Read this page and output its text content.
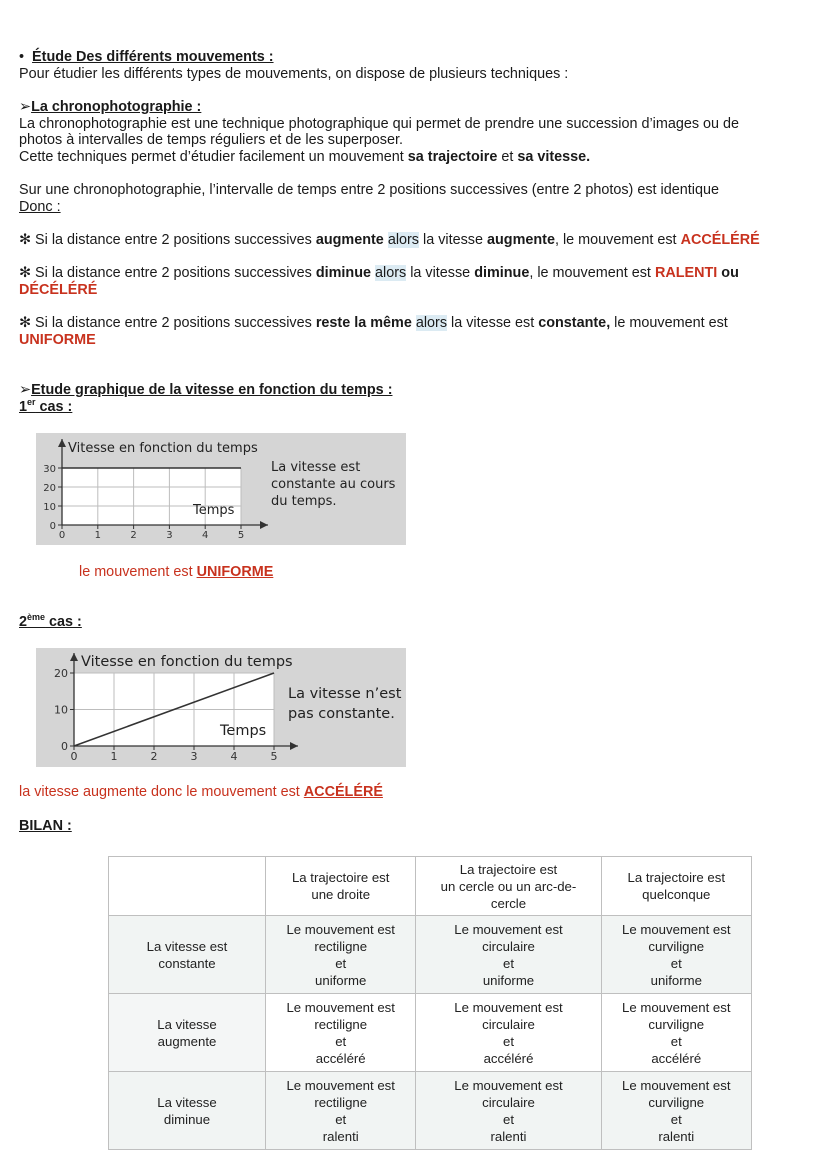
• Étude Des différents mouvements :
Pour étudier les différents types de mouvements, on dispose de plusieurs techniques :
➢La chronophotographie :
La chronophotographie est une technique photographique qui permet de prendre une succession d’images ou de
photos à intervalles de temps réguliers et de les superposer.
Cette techniques permet d’étudier facilement un mouvement sa trajectoire et sa vitesse.
Sur une chronophotographie, l’intervalle de temps entre 2 positions successives (entre 2 photos) est identique
Donc :
✻ Si la distance entre 2 positions successives augmente alors la vitesse augmente, le mouvement est ACCÉLÉRÉ
✻ Si la distance entre 2 positions successives diminue alors la vitesse diminue, le mouvement est RALENTI ou
DÉCÉLÉRÉ
✻ Si la distance entre 2 positions successives reste la même alors la vitesse est constante, le mouvement est
UNIFORME
➢Etude graphique de la vitesse en fonction du temps :
1er cas :
0	1	2	3	4	5
0
10
20
30
Vitesse en fonction du temps
Temps
La vitesse est
constante au cours
du temps.
le mouvement est UNIFORME
2ème cas :
0	1	2	3	4	5
0
10
20
Vitesse en fonction du temps
Temps
La vitesse n’est
pas constante.
la vitesse augmente donc le mouvement est ACCÉLÉRÉ
BILAN :
	La trajectoire est
une droite	La trajectoire est
un cercle ou un arc-de-
cercle	La trajectoire est
quelconque
La vitesse est
constante	Le mouvement est
rectiligne
et
uniforme	Le mouvement est
circulaire
et
uniforme	Le mouvement est
curviligne
et
uniforme
La vitesse
augmente	Le mouvement est
rectiligne
et
accéléré	Le mouvement est
circulaire
et
accéléré	Le mouvement est
curviligne
et
accéléré
La vitesse
diminue	Le mouvement est
rectiligne
et
ralenti	Le mouvement est
circulaire
et
ralenti	Le mouvement est
curviligne
et
ralenti
